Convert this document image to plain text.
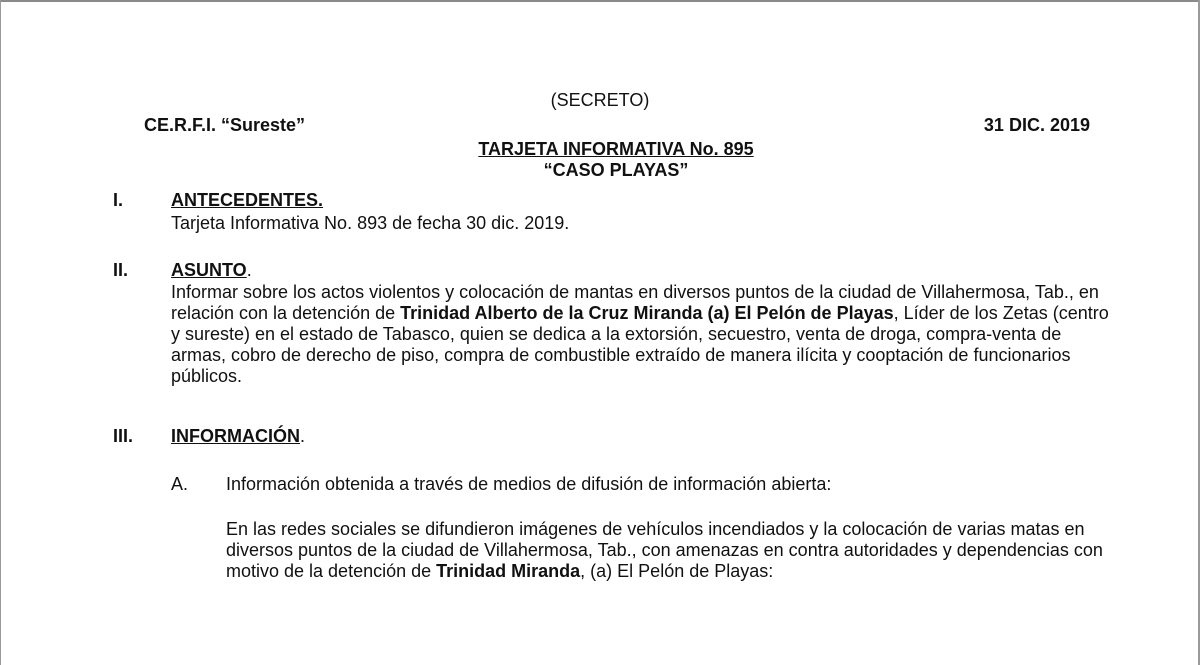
(SECRETO)
CE.R.F.I. “Sureste”	31 DIC. 2019
TARJETA INFORMATIVA No. 895
“CASO PLAYAS”
I.	ANTECEDENTES.
Tarjeta Informativa No. 893 de fecha 30 dic. 2019.
II. ASUNTO.

Informar sobre los actos violentos y colocación de mantas en diversos puntos de la ciudad de Villahermosa, Tab., en relación con la detención de Trinidad Alberto de la Cruz Miranda (a) El Pelón de Playas, Líder de los Zetas (centro y sureste) en el estado de Tabasco, quien se dedica a la extorsión, secuestro, venta de droga, compra-venta de armas, cobro de derecho de piso, compra de combustible extraído de manera ilícita y cooptación de funcionarios públicos.

III. INFORMACIÓN.
A. Información obtenida a través de medios de difusión de información abierta:

En las redes sociales se difundieron imágenes de vehículos incendiados y la colocación de varias matas en diversos puntos de la ciudad de Villahermosa, Tab., con amenazas en contra autoridades y dependencias con motivo de la detención de Trinidad Miranda, (a) El Pelón de Playas:
